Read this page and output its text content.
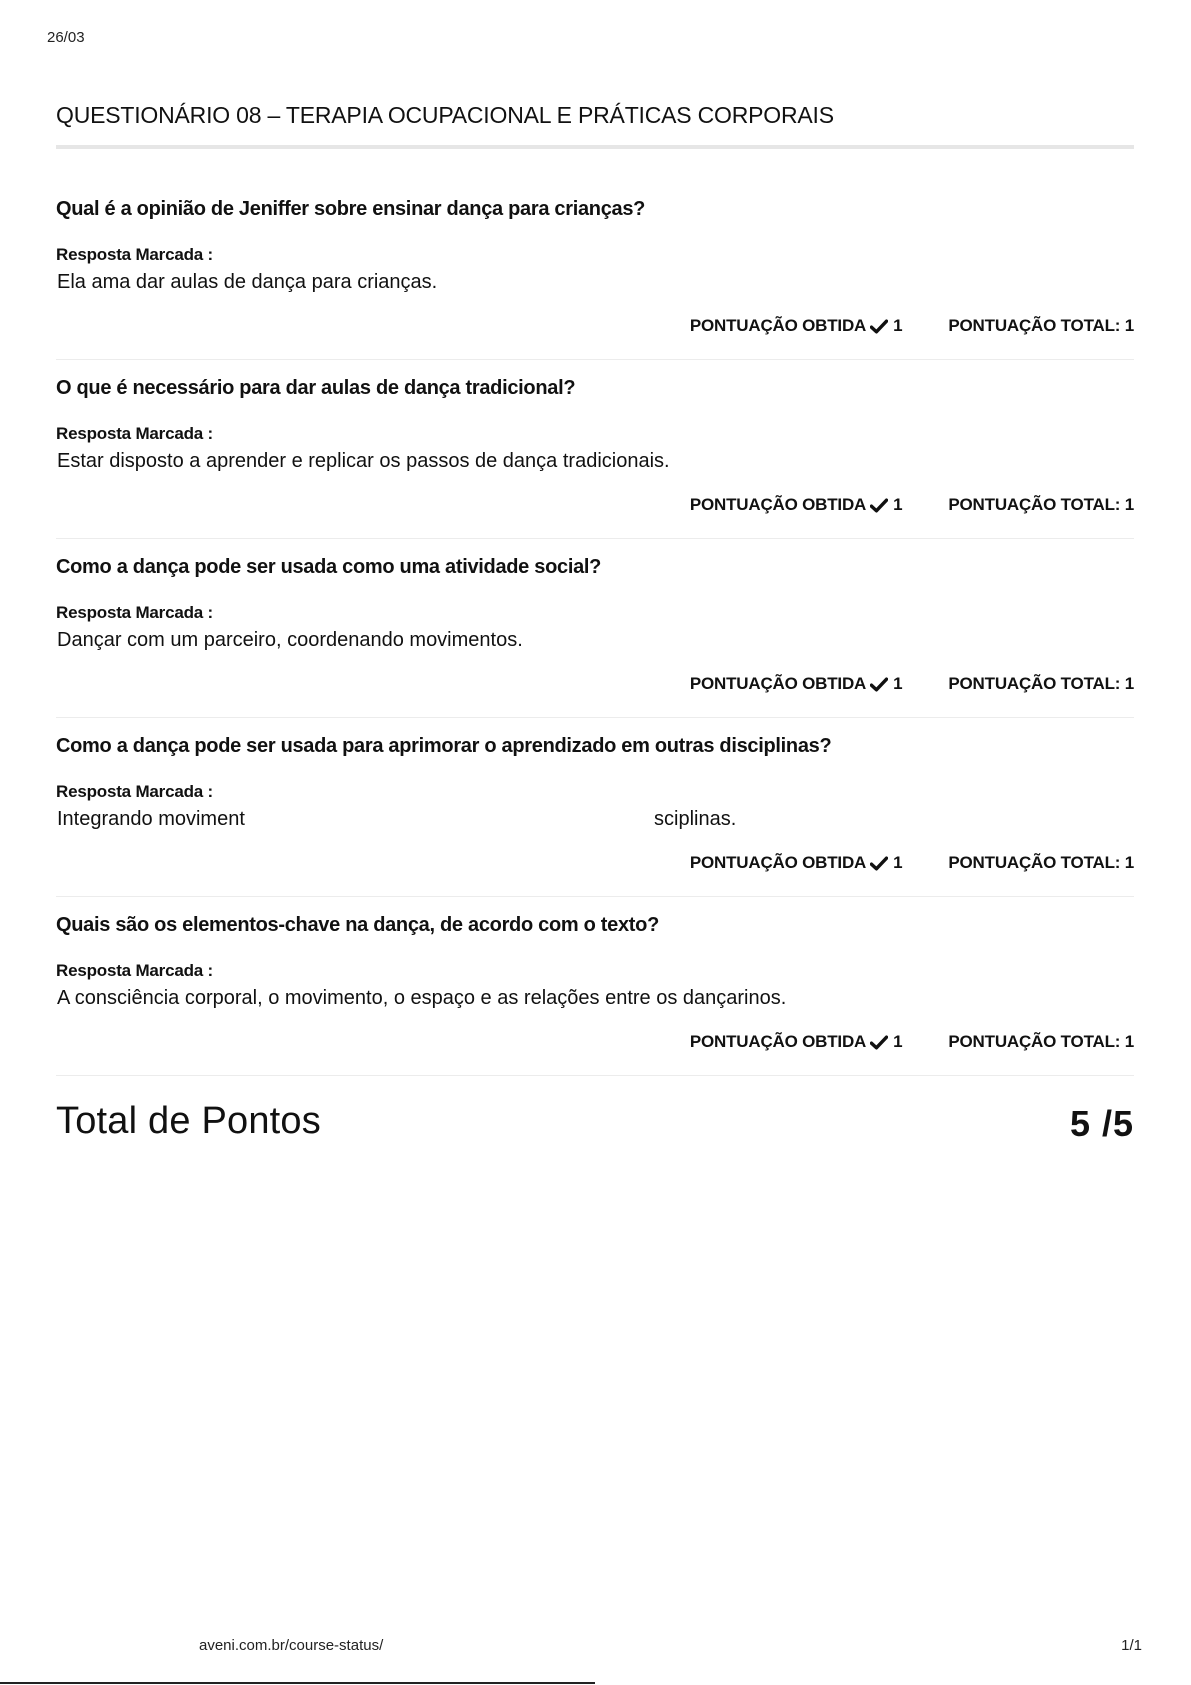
26/03
QUESTIONÁRIO 08 – TERAPIA OCUPACIONAL E PRÁTICAS CORPORAIS
Qual é a opinião de Jeniffer sobre ensinar dança para crianças?
Resposta Marcada :
Ela ama dar aulas de dança para crianças.
PONTUAÇÃO OBTIDA 1	PONTUAÇÃO TOTAL: 1
O que é necessário para dar aulas de dança tradicional?
Resposta Marcada :
Estar disposto a aprender e replicar os passos de dança tradicionais.
PONTUAÇÃO OBTIDA 1	PONTUAÇÃO TOTAL: 1
Como a dança pode ser usada como uma atividade social?
Resposta Marcada :
Dançar com um parceiro, coordenando movimentos.
PONTUAÇÃO OBTIDA 1	PONTUAÇÃO TOTAL: 1
Como a dança pode ser usada para aprimorar o aprendizado em outras disciplinas?
Resposta Marcada :
Integrando moviment	sciplinas.
PONTUAÇÃO OBTIDA 1	PONTUAÇÃO TOTAL: 1
Quais são os elementos-chave na dança, de acordo com o texto?
Resposta Marcada :
A consciência corporal, o movimento, o espaço e as relações entre os dançarinos.
PONTUAÇÃO OBTIDA 1	PONTUAÇÃO TOTAL: 1
Total de Pontos	5 /5
aveni.com.br/course-status/	1/1
